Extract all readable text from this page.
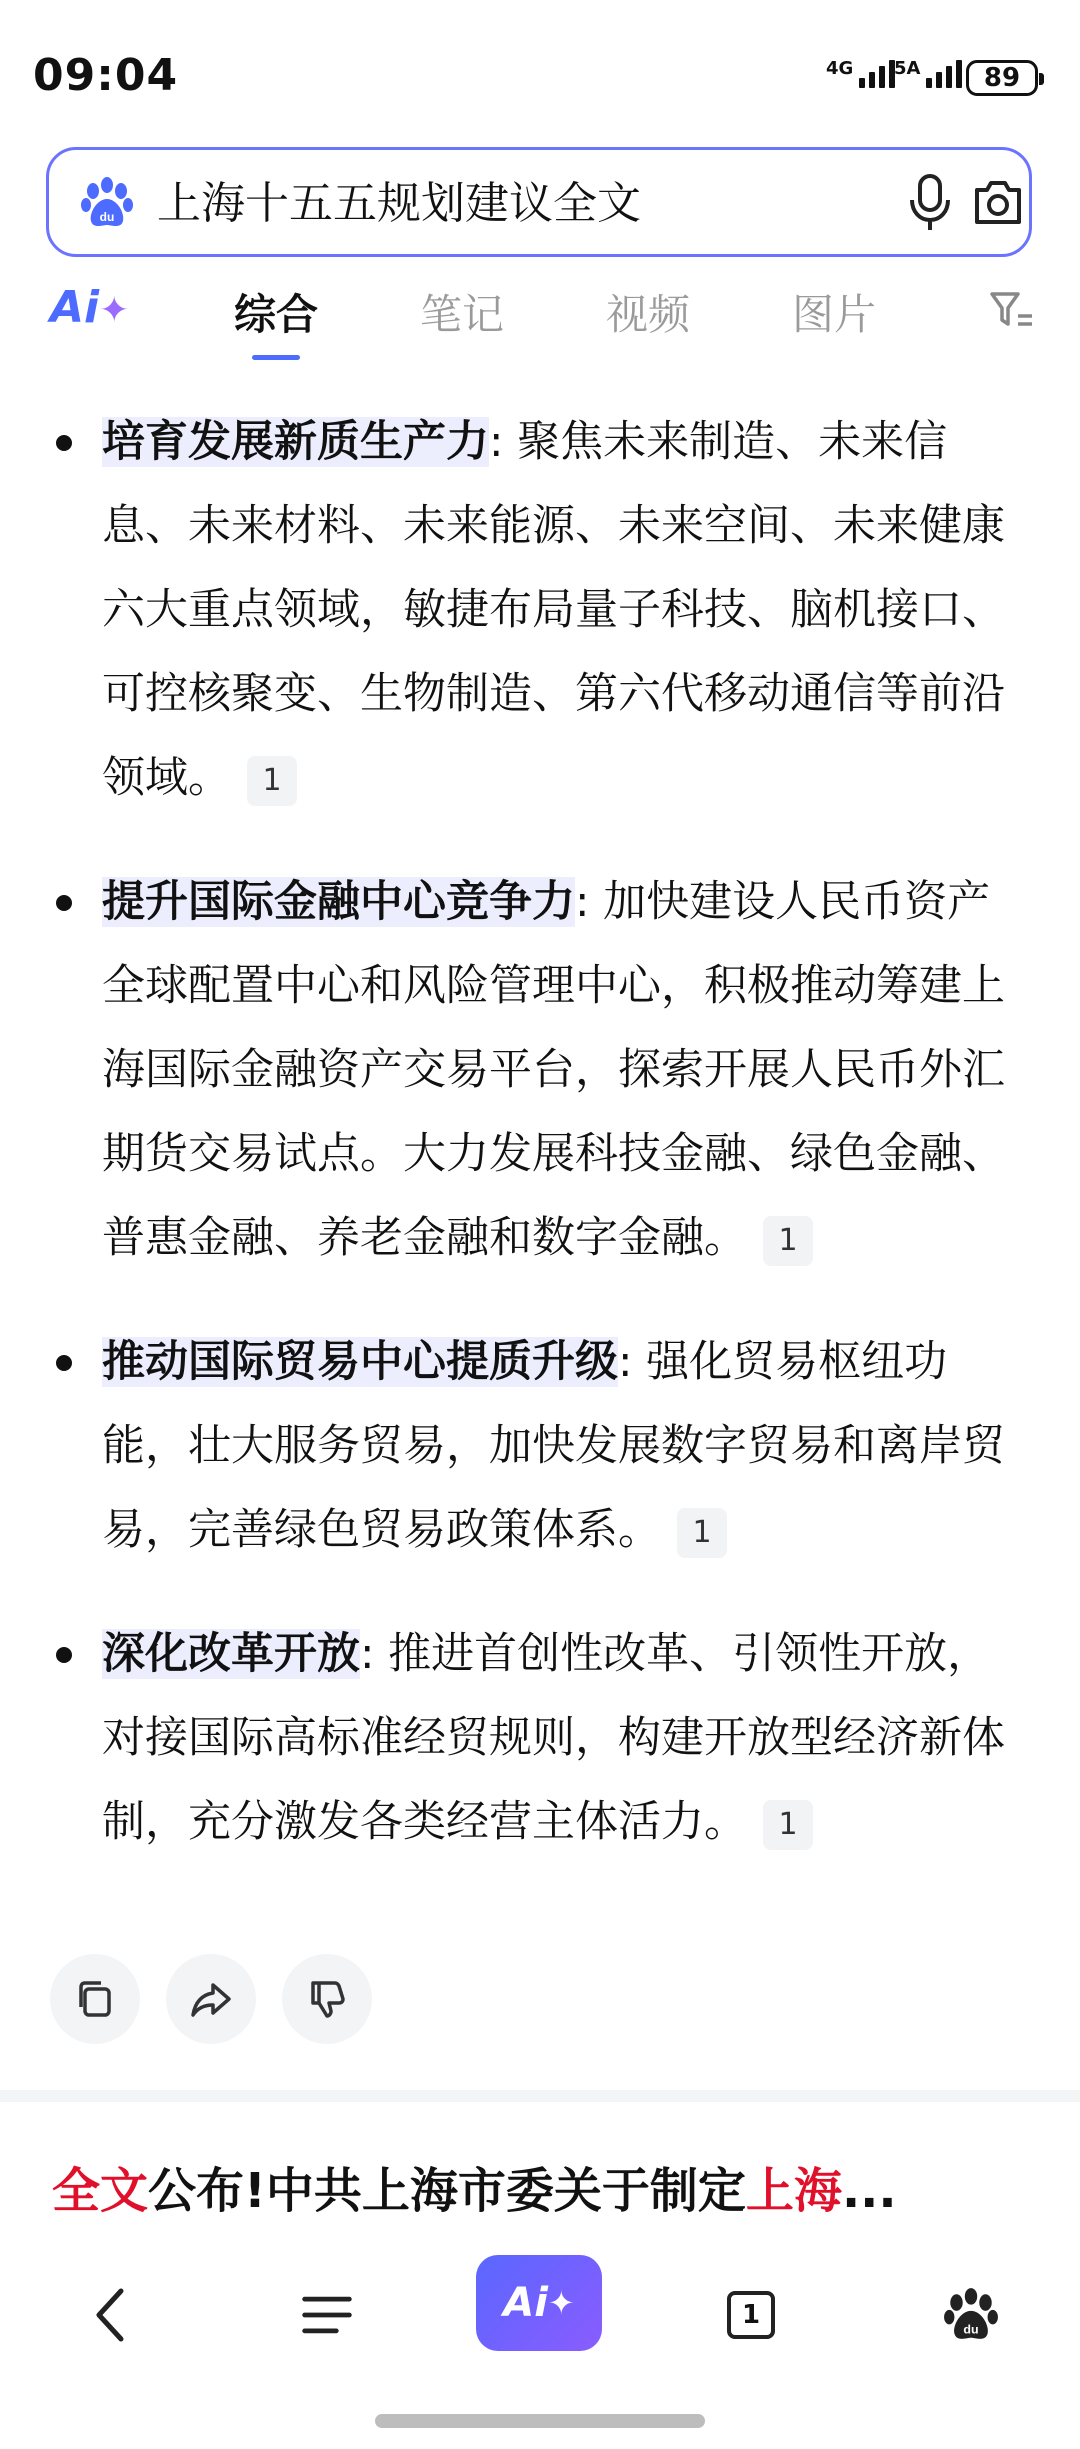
09:04	4G 5A	89
du 上海十五五规划建议全文
Ai✦ 综合 笔记 视频 图片
培育发展新质生产力: 聚焦未来制造、未来信息、未来材料、未来能源、未来空间、未来健康六大重点领域，敏捷布局量子科技、脑机接口、可控核聚变、生物制造、第六代移动通信等前沿领域。 1
提升国际金融中心竞争力: 加快建设人民币资产全球配置中心和风险管理中心，积极推动筹建上海国际金融资产交易平台，探索开展人民币外汇期货交易试点。大力发展科技金融、绿色金融、普惠金融、养老金融和数字金融。 1
推动国际贸易中心提质升级: 强化贸易枢纽功能，壮大服务贸易，加快发展数字贸易和离岸贸易，完善绿色贸易政策体系。 1
深化改革开放: 推进首创性改革、引领性开放，对接国际高标准经贸规则，构建开放型经济新体制，充分激发各类经营主体活力。 1
全文公布!中共上海市委关于制定上海...
Ai ✦	1	du
